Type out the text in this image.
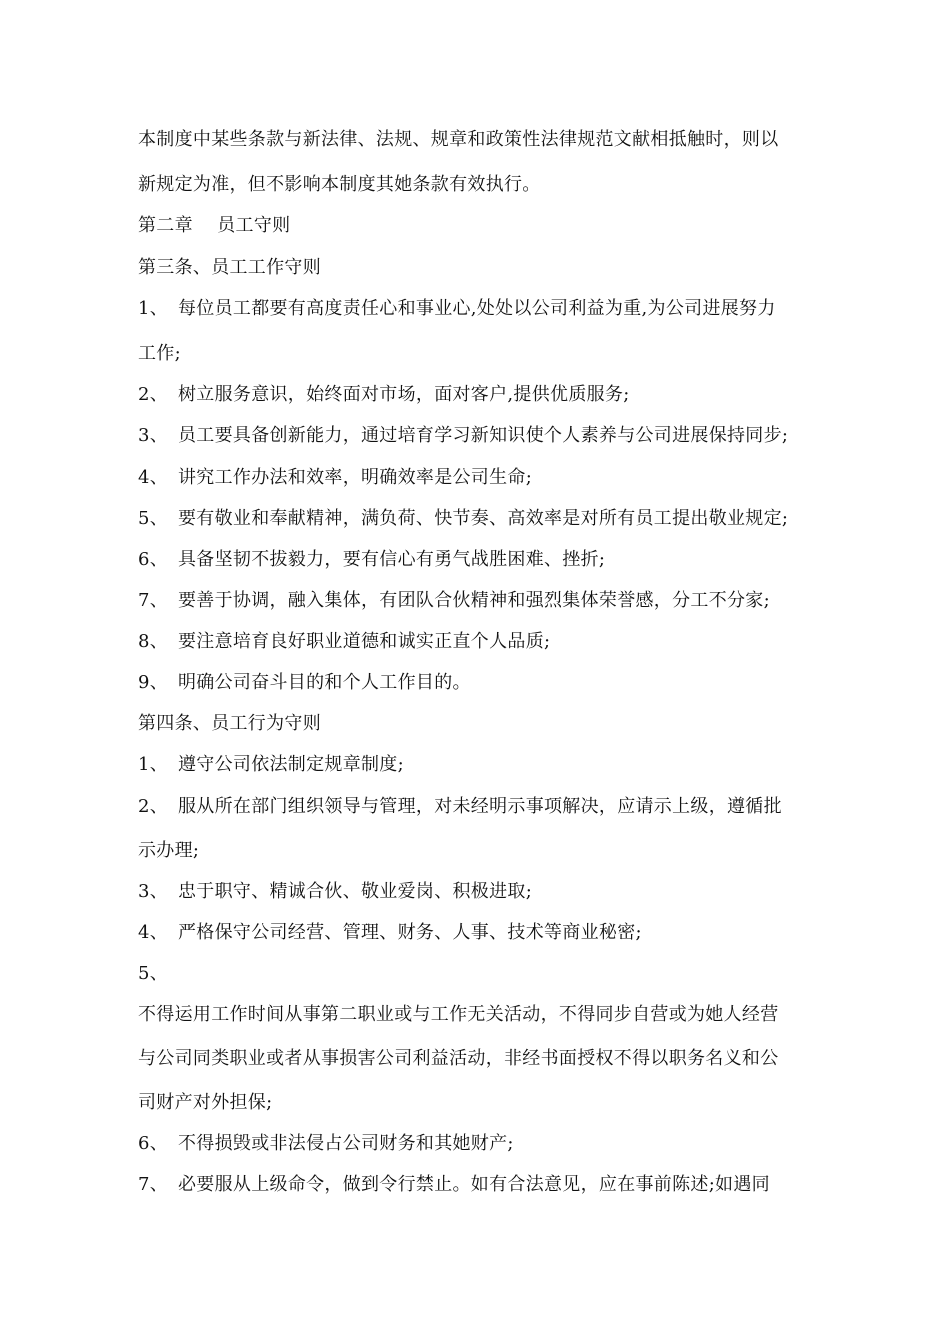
本制度中某些条款与新法律、法规、规章和政策性法律规范文献相抵触时，则以
新规定为准，但不影响本制度其她条款有效执行。
第二章　 员工守则
第三条、员工工作守则
1、 每位员工都要有高度责任心和事业心,处处以公司利益为重,为公司进展努力
工作;
2、 树立服务意识，始终面对市场，面对客户,提供优质服务;
3、 员工要具备创新能力，通过培育学习新知识使个人素养与公司进展保持同步;
4、 讲究工作办法和效率，明确效率是公司生命;
5、 要有敬业和奉献精神，满负荷、快节奏、高效率是对所有员工提出敬业规定;
6、 具备坚韧不拔毅力，要有信心有勇气战胜困难、挫折;
7、 要善于协调，融入集体，有团队合伙精神和强烈集体荣誉感，分工不分家;
8、 要注意培育良好职业道德和诚实正直个人品质;
9、 明确公司奋斗目的和个人工作目的。
第四条、员工行为守则
1、 遵守公司依法制定规章制度;
2、 服从所在部门组织领导与管理，对未经明示事项解决，应请示上级，遵循批
示办理;
3、 忠于职守、精诚合伙、敬业爱岗、积极进取;
4、 严格保守公司经营、管理、财务、人事、技术等商业秘密;
5、
不得运用工作时间从事第二职业或与工作无关活动，不得同步自营或为她人经营
与公司同类职业或者从事损害公司利益活动，非经书面授权不得以职务名义和公
司财产对外担保;
6、 不得损毁或非法侵占公司财务和其她财产;
7、 必要服从上级命令，做到令行禁止。如有合法意见，应在事前陈述;如遇同
